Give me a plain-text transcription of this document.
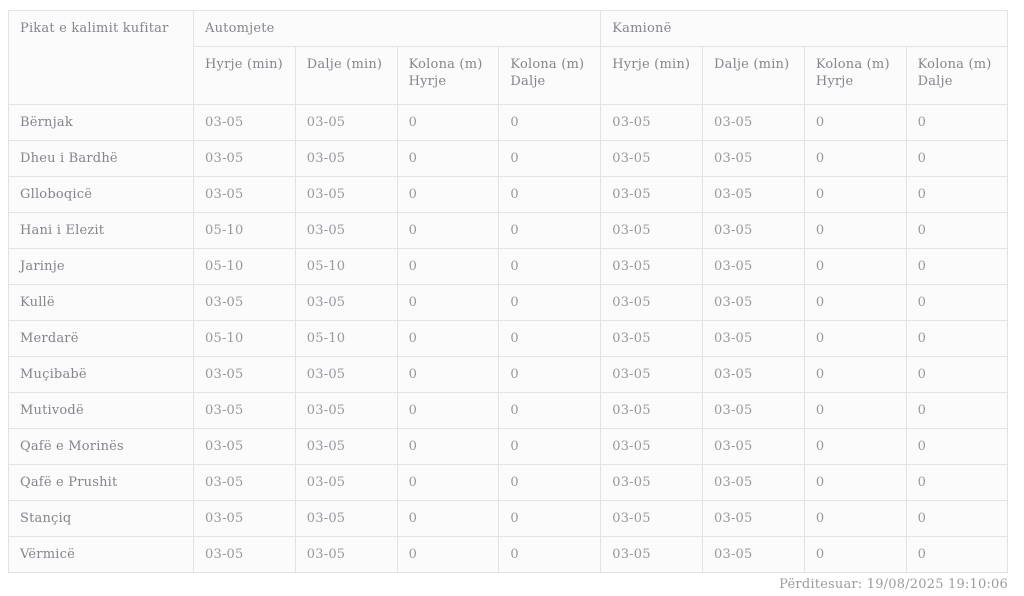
Pikat e kalimit kufitar	Automjete				Kamionë			
	Hyrje (min)	Dalje (min)	Kolona (m) Hyrje	Kolona (m) Dalje	Hyrje (min)	Dalje (min)	Kolona (m) Hyrje	Kolona (m) Dalje
Bërnjak	03-05	03-05	0	0	03-05	03-05	0	0
Dheu i Bardhë	03-05	03-05	0	0	03-05	03-05	0	0
Glloboqicë	03-05	03-05	0	0	03-05	03-05	0	0
Hani i Elezit	05-10	03-05	0	0	03-05	03-05	0	0
Jarinje	05-10	05-10	0	0	03-05	03-05	0	0
Kullë	03-05	03-05	0	0	03-05	03-05	0	0
Merdarë	05-10	05-10	0	0	03-05	03-05	0	0
Muçibabë	03-05	03-05	0	0	03-05	03-05	0	0
Mutivodë	03-05	03-05	0	0	03-05	03-05	0	0
Qafë e Morinës	03-05	03-05	0	0	03-05	03-05	0	0
Qafë e Prushit	03-05	03-05	0	0	03-05	03-05	0	0
Stançiq	03-05	03-05	0	0	03-05	03-05	0	0
Vërmicë	03-05	03-05	0	0	03-05	03-05	0	0
Përditesuar: 19/08/2025 19:10:06
